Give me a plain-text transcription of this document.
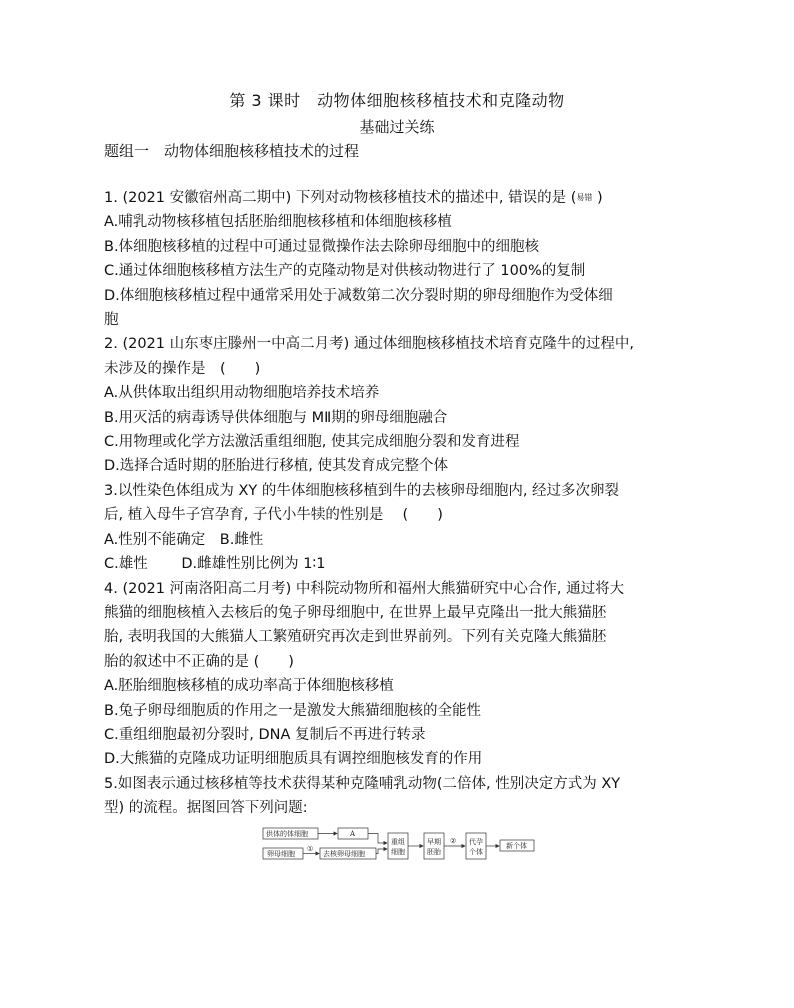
第 3 课时　动物体细胞核移植技术和克隆动物
基础过关练
题组一　动物体细胞核移植技术的过程
1. (2021 安徽宿州高二期中) 下列对动物核移植技术的描述中, 错误的是 (易错 )
A.哺乳动物核移植包括胚胎细胞核移植和体细胞核移植
B.体细胞核移植的过程中可通过显微操作法去除卵母细胞中的细胞核
C.通过体细胞核移植方法生产的克隆动物是对供核动物进行了 100%的复制
D.体细胞核移植过程中通常采用处于减数第二次分裂时期的卵母细胞作为受体细
胞
2. (2021 山东枣庄滕州一中高二月考) 通过体细胞核移植技术培育克隆牛的过程中,
未涉及的操作是　(　　)
A.从供体取出组织用动物细胞培养技术培养
B.用灭活的病毒诱导供体细胞与 MⅡ期的卵母细胞融合
C.用物理或化学方法激活重组细胞, 使其完成细胞分裂和发育进程
D.选择合适时期的胚胎进行移植, 使其发育成完整个体
3.以性染色体组成为 XY 的牛体细胞核移植到牛的去核卵母细胞内, 经过多次卵裂
后, 植入母牛子宫孕育, 子代小牛犊的性别是　 (　　)
A.性别不能确定　B.雌性
C.雄性　　 D.雌雄性别比例为 1∶1
4. (2021 河南洛阳高二月考) 中科院动物所和福州大熊猫研究中心合作, 通过将大
熊猫的细胞核植入去核后的兔子卵母细胞中, 在世界上最早克隆出一批大熊猫胚
胎, 表明我国的大熊猫人工繁殖研究再次走到世界前列。下列有关克隆大熊猫胚
胎的叙述中不正确的是 (　　)
A.胚胎细胞核移植的成功率高于体细胞核移植
B.兔子卵母细胞质的作用之一是激发大熊猫细胞核的全能性
C.重组细胞最初分裂时, DNA 复制后不再进行转录
D.大熊猫的克隆成功证明细胞质具有调控细胞核发育的作用
5.如图表示通过核移植等技术获得某种克隆哺乳动物(二倍体, 性别决定方式为 XY
型) 的流程。据图回答下列问题:
供体的体细胞	A
卵母细胞
①
去核卵母细胞
重组
细胞
早期
胚胎
② 代孕
个体
新个体
